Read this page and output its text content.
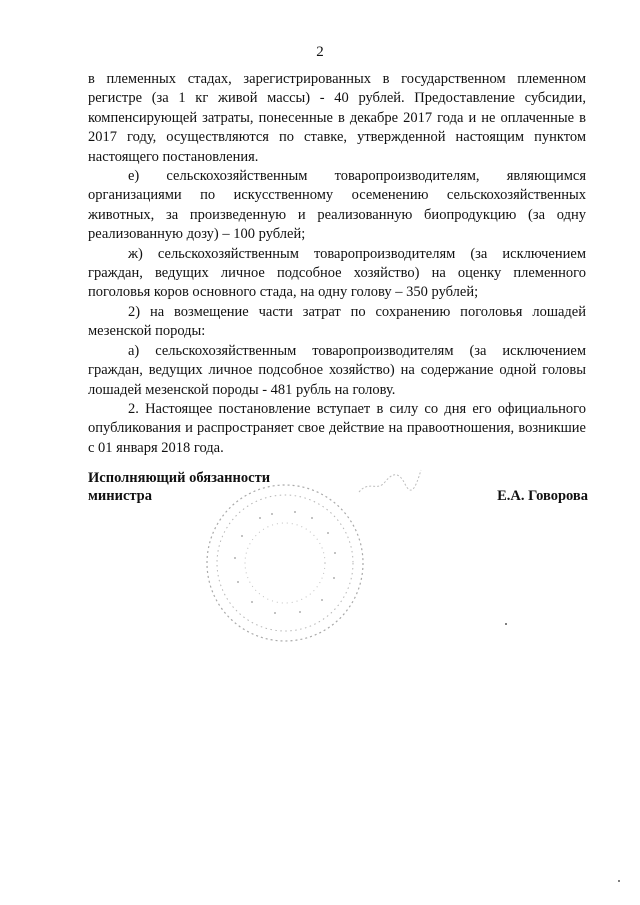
2

в племенных стадах, зарегистрированных в государственном племенном регистре (за 1 кг живой массы) - 40 рублей. Предоставление субсидии, компенсирующей затраты, понесенные в декабре 2017 года и не оплаченные в 2017 году, осуществляются по ставке, утвержденной настоящим пунктом настоящего постановления.

е) сельскохозяйственным товаропроизводителям, являющимся организациями по искусственному осеменению сельскохозяйственных животных, за произведенную и реализованную биопродукцию (за одну реализованную дозу) – 100 рублей;

ж) сельскохозяйственным товаропроизводителям (за исключением граждан, ведущих личное подсобное хозяйство) на оценку племенного поголовья коров основного стада, на одну голову – 350 рублей;

2) на возмещение части затрат по сохранению поголовья лошадей мезенской породы:

а) сельскохозяйственным товаропроизводителям (за исключением граждан, ведущих личное подсобное хозяйство) на содержание одной головы лошадей мезенской породы - 481 рубль на голову.

2. Настоящее постановление вступает в силу со дня его официального опубликования и распространяет свое действие на правоотношения, возникшие с 01 января 2018 года.

Исполняющий обязанности
министра	Е.А. Говорова
